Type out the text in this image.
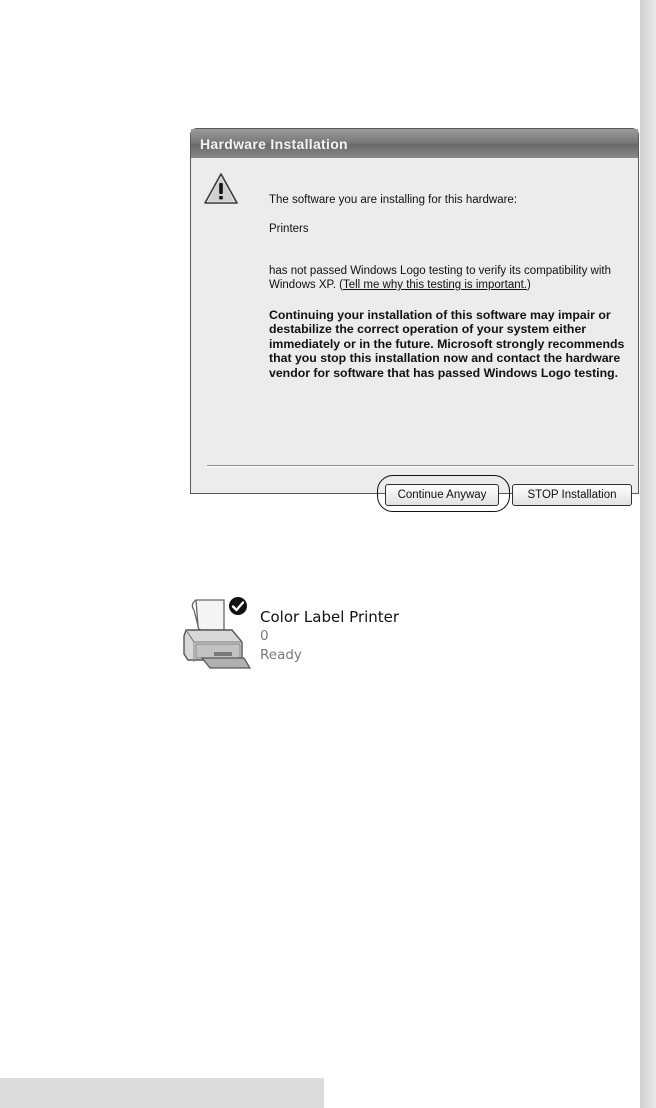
Hardware Installation
The software you are installing for this hardware:
Printers
has not passed Windows Logo testing to verify its compatibility with Windows XP. (Tell me why this testing is important.)
Continuing your installation of this software may impair or destabilize the correct operation of your system either immediately or in the future. Microsoft strongly recommends that you stop this installation now and contact the hardware vendor for software that has passed Windows Logo testing.
Continue Anyway	STOP Installation
Color Label Printer
0
Ready
